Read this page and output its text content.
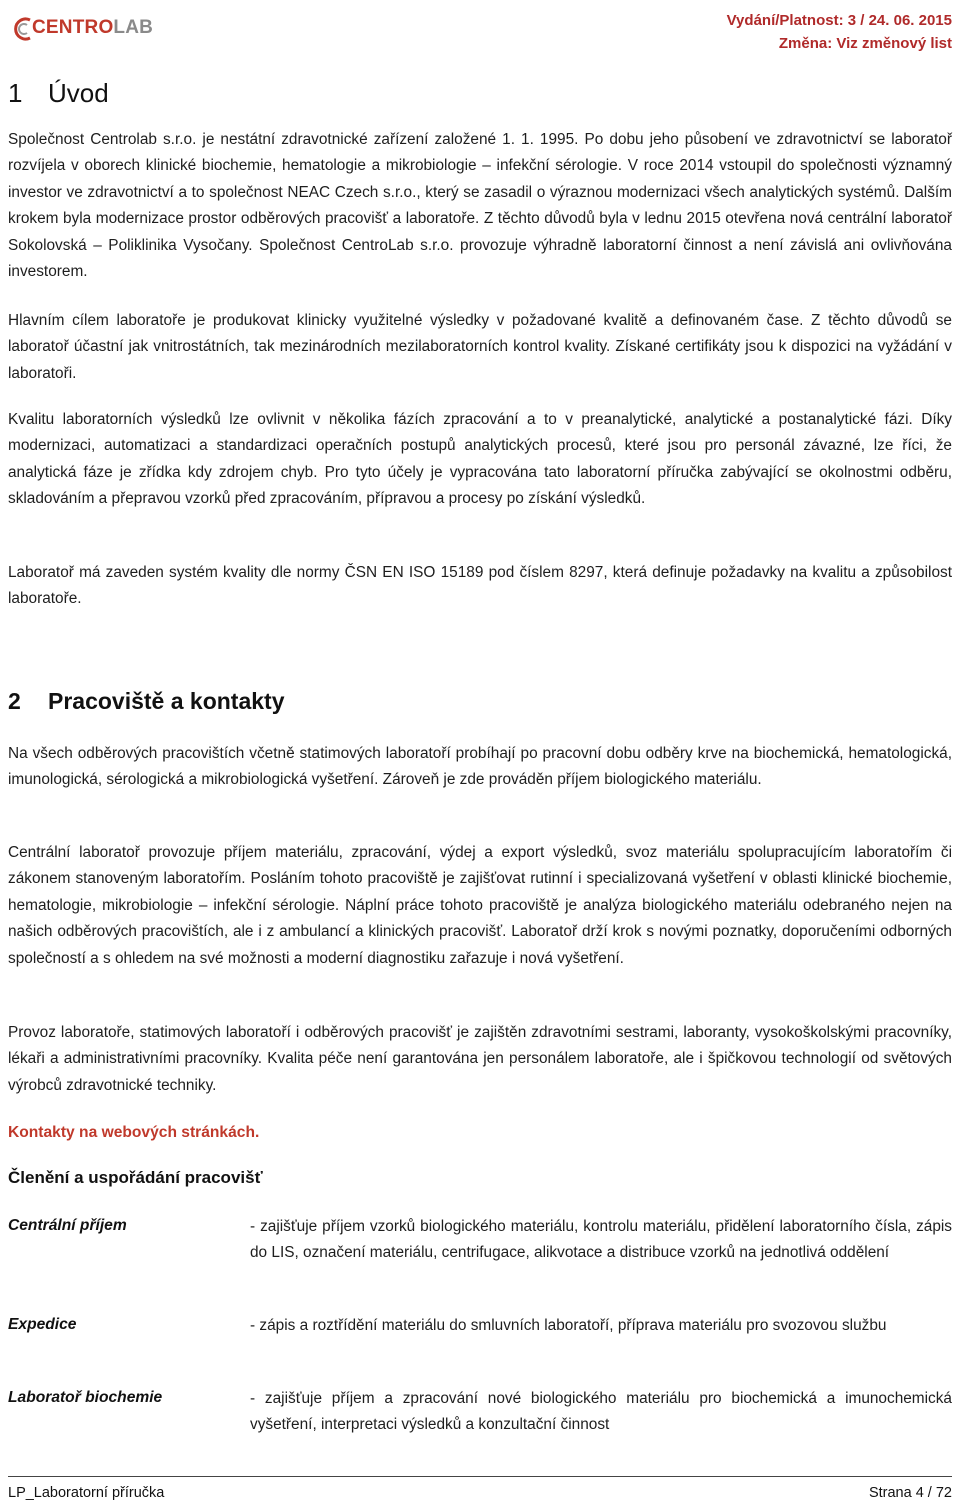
CENTROLAB	Vydání/Platnost: 3 / 24. 06. 2015
Změna: Viz změnový list
1 Úvod
Společnost Centrolab s.r.o. je nestátní zdravotnické zařízení založené 1. 1. 1995. Po dobu jeho působení ve zdravotnictví se laboratoř rozvíjela v oborech klinické biochemie, hematologie a mikrobiologie – infekční sérologie. V roce 2014 vstoupil do společnosti významný investor ve zdravotnictví a to společnost NEAC Czech s.r.o., který se zasadil o výraznou modernizaci všech analytických systémů. Dalším krokem byla modernizace prostor odběrových pracovišť a laboratoře. Z těchto důvodů byla v lednu 2015 otevřena nová centrální laboratoř Sokolovská – Poliklinika Vysočany. Společnost CentroLab s.r.o. provozuje výhradně laboratorní činnost a není závislá ani ovlivňována investorem.
Hlavním cílem laboratoře je produkovat klinicky využitelné výsledky v požadované kvalitě a definovaném čase. Z těchto důvodů se laboratoř účastní jak vnitrostátních, tak mezinárodních mezilaboratorních kontrol kvality. Získané certifikáty jsou k dispozici na vyžádání v laboratoři.
Kvalitu laboratorních výsledků lze ovlivnit v několika fázích zpracování a to v preanalytické, analytické a postanalytické fázi. Díky modernizaci, automatizaci a standardizaci operačních postupů analytických procesů, které jsou pro personál závazné, lze říci, že analytická fáze je zřídka kdy zdrojem chyb. Pro tyto účely je vypracována tato laboratorní příručka zabývající se okolnostmi odběru, skladováním a přepravou vzorků před zpracováním, přípravou a procesy po získání výsledků.
Laboratoř má zaveden systém kvality dle normy ČSN EN ISO 15189 pod číslem 8297, která definuje požadavky na kvalitu a způsobilost laboratoře.
2 Pracoviště a kontakty
Na všech odběrových pracovištích včetně statimových laboratoří probíhají po pracovní dobu odběry krve na biochemická, hematologická, imunologická, sérologická a mikrobiologická vyšetření. Zároveň je zde prováděn příjem biologického materiálu.
Centrální laboratoř provozuje příjem materiálu, zpracování, výdej a export výsledků, svoz materiálu spolupracujícím laboratořím či zákonem stanoveným laboratořím. Posláním tohoto pracoviště je zajišťovat rutinní i specializovaná vyšetření v oblasti klinické biochemie, hematologie, mikrobiologie – infekční sérologie. Náplní práce tohoto pracoviště je analýza biologického materiálu odebraného nejen na našich odběrových pracovištích, ale i z ambulancí a klinických pracovišť. Laboratoř drží krok s novými poznatky, doporučeními odborných společností a s ohledem na své možnosti a moderní diagnostiku zařazuje i nová vyšetření.
Provoz laboratoře, statimových laboratoří i odběrových pracovišť je zajištěn zdravotními sestrami, laboranty, vysokoškolskými pracovníky, lékaři a administrativními pracovníky. Kvalita péče není garantována jen personálem laboratoře, ale i špičkovou technologií od světových výrobců zdravotnické techniky.
Kontakty na webových stránkách.
Členění a uspořádání pracovišť
Centrální příjem	- zajišťuje příjem vzorků biologického materiálu, kontrolu materiálu, přidělení laboratorního čísla, zápis do LIS, označení materiálu, centrifugace, alikvotace a distribuce vzorků na jednotlivá oddělení
Expedice	- zápis a roztřídění materiálu do smluvních laboratoří, příprava materiálu pro svozovou službu
Laboratoř biochemie	- zajišťuje příjem a zpracování nové biologického materiálu pro biochemická a imunochemická vyšetření, interpretaci výsledků a konzultační činnost
LP_Laboratorní příručka	Strana 4 / 72
